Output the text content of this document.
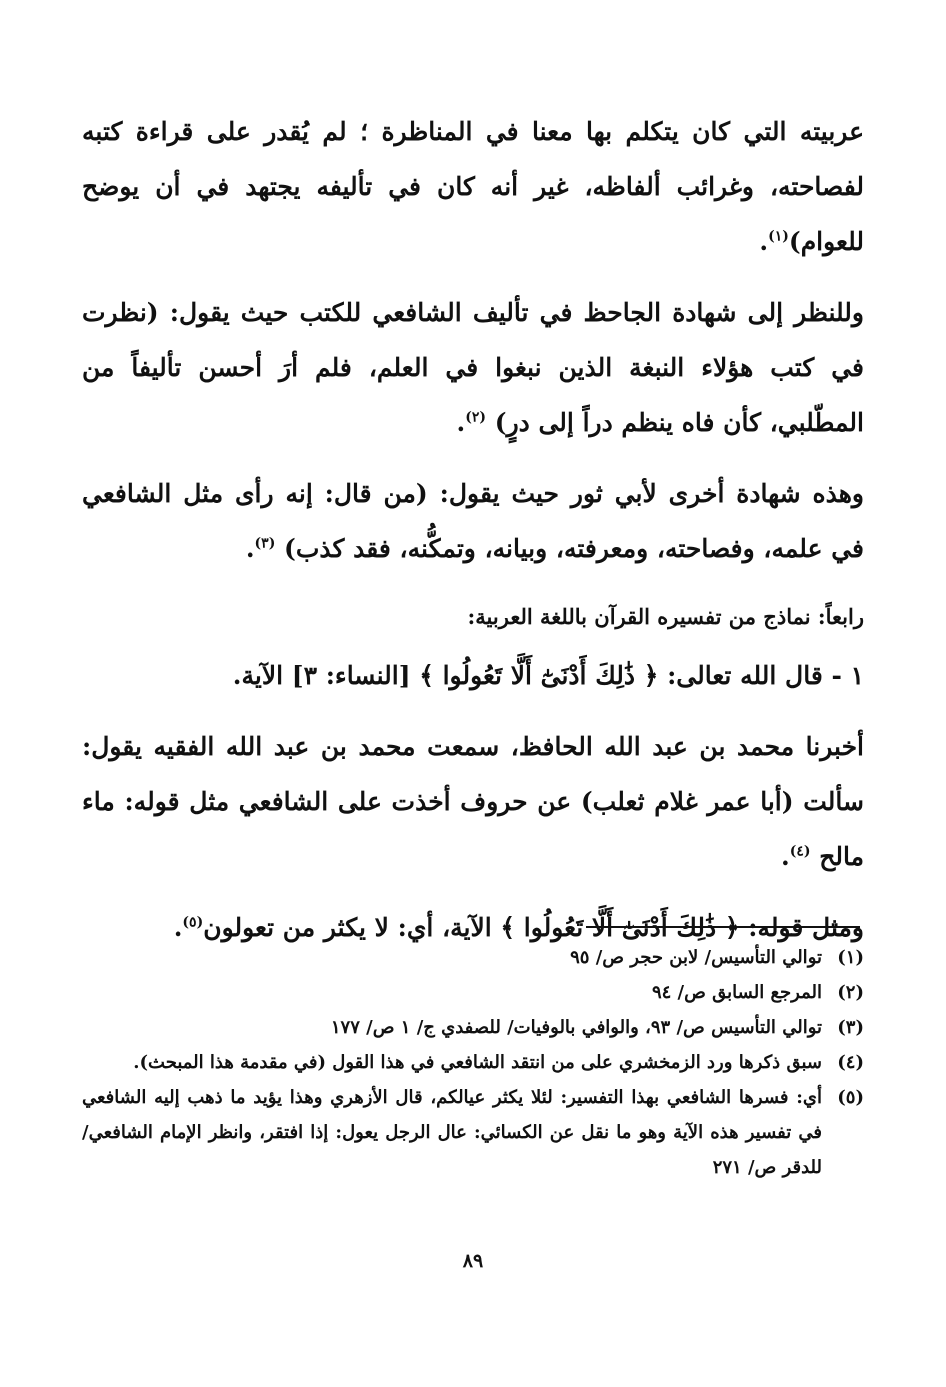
عربيته التي كان يتكلم بها معنا في المناظرة ؛ لم يُقدر على قراءة كتبه لفصاحته، وغرائب ألفاظه، غير أنه كان في تأليفه يجتهد في أن يوضح للعوام)$^{(١)}$.

وللنظر إلى شهادة الجاحظ في تأليف الشافعي للكتب حيث يقول: (نظرت في كتب هؤلاء النبغة الذين نبغوا في العلم، فلم أرَ أحسن تأليفاً من المطّلبي، كأن فاه ينظم دراً إلى درٍ) $^{(٢)}$.

وهذه شهادة أخرى لأبي ثور حيث يقول: (من قال: إنه رأى مثل الشافعي في علمه، وفصاحته، ومعرفته، وبيانه، وتمكُّنه، فقد كذب) $^{(٣)}$.

رابعاً: نماذج من تفسيره القرآن باللغة العربية:

١ - قال الله تعالى: ﴿ ذَٰلِكَ أَدْنَىٰٓ أَلَّا تَعُولُوا ﴾ [النساء: ٣] الآية.

أخبرنا محمد بن عبد الله الحافظ، سمعت محمد بن عبد الله الفقيه يقول: سألت (أبا عمر غلام ثعلب) عن حروف أخذت على الشافعي مثل قوله: ماء مالح $^{(٤)}$.

ومثل قوله: ﴿ ذَٰلِكَ أَدْنَىٰٓ أَلَّا تَعُولُوا ﴾ الآية، أي: لا يكثر من تعولون$^{(٥)}$.

(١)
توالي التأسيس/ لابن حجر ص/ ٩٥
(٢)
المرجع السابق ص/ ٩٤
(٣)
توالي التأسيس ص/ ٩٣، والوافي بالوفيات/ للصفدي ج/ ١ ص/ ١٧٧
(٤)
سبق ذكرها ورد الزمخشري على من انتقد الشافعي في هذا القول (في مقدمة هذا المبحث).
(٥)
أي: فسرها الشافعي بهذا التفسير: لئلا يكثر عيالكم، قال الأزهري وهذا يؤيد ما ذهب إليه الشافعي في تفسير هذه الآية وهو ما نقل عن الكسائي: عال الرجل يعول: إذا افتقر، وانظر الإمام الشافعي/ للدقر ص/ ٢٧١
٨٩
